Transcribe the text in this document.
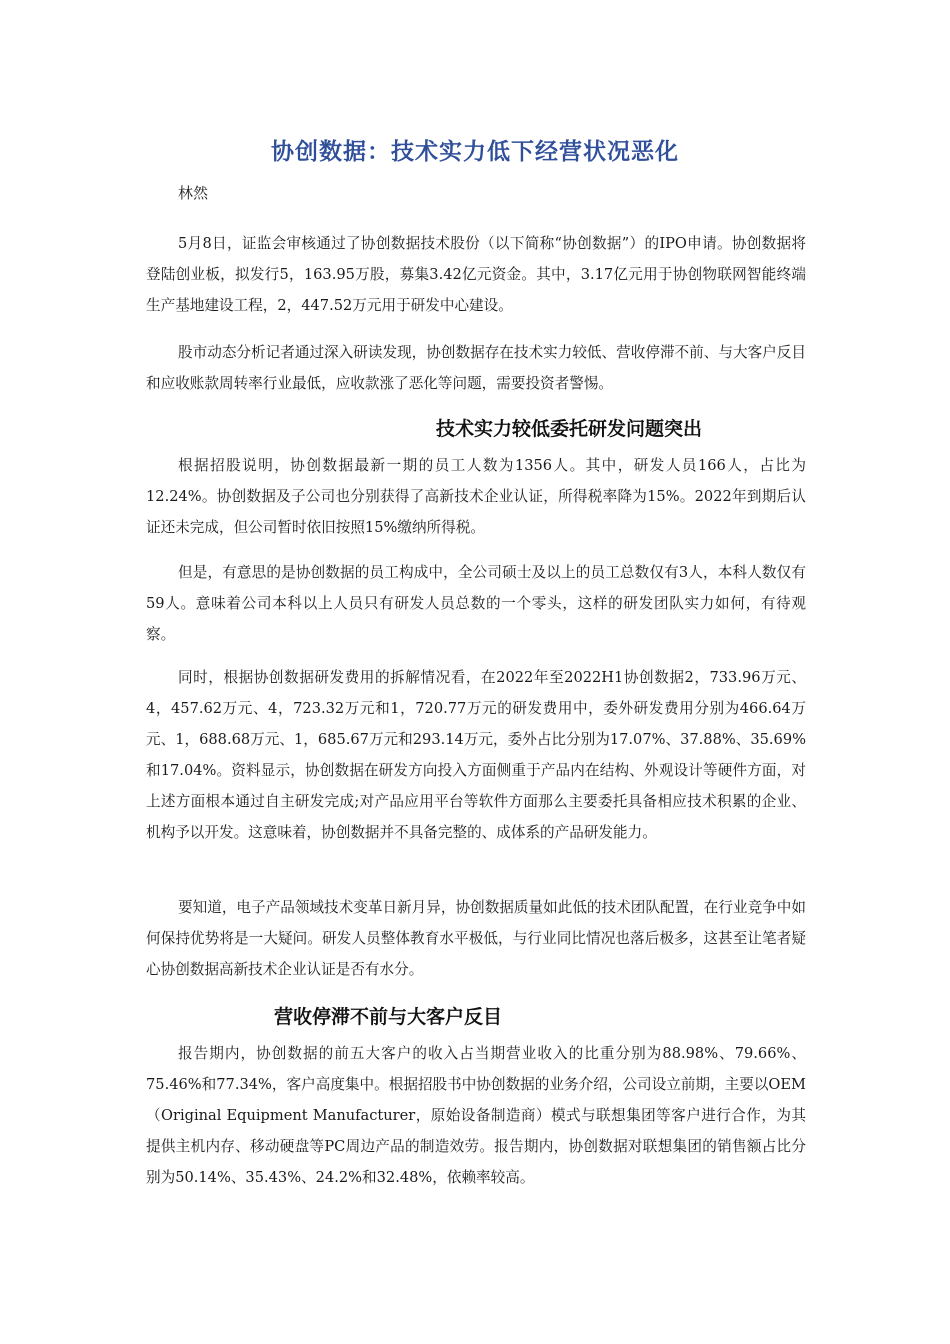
协创数据：技术实力低下经营状况恶化
林然

5月8日，证监会审核通过了协创数据技术股份（以下简称“协创数据”）的IPO申请。协创数据将登陆创业板，拟发行5，163.95万股，募集3.42亿元资金。其中，3.17亿元用于协创物联网智能终端生产基地建设工程，2，447.52万元用于研发中心建设。

股市动态分析记者通过深入研读发现，协创数据存在技术实力较低、营收停滞不前、与大客户反目和应收账款周转率行业最低，应收款涨了恶化等问题，需要投资者警惕。

技术实力较低委托研发问题突出

根据招股说明，协创数据最新一期的员工人数为1356人。其中，研发人员166人，占比为12.24%。协创数据及子公司也分别获得了高新技术企业认证，所得税率降为15%。2022年到期后认证还未完成，但公司暂时依旧按照15%缴纳所得税。

但是，有意思的是协创数据的员工构成中，全公司硕士及以上的员工总数仅有3人，本科人数仅有59人。意味着公司本科以上人员只有研发人员总数的一个零头，这样的研发团队实力如何，有待观察。

同时，根据协创数据研发费用的拆解情况看，在2022年至2022H1协创数据2，733.96万元、4，457.62万元、4，723.32万元和1，720.77万元的研发费用中，委外研发费用分别为466.64万元、1，688.68万元、1，685.67万元和293.14万元，委外占比分别为17.07%、37.88%、35.69%和17.04%。资料显示，协创数据在研发方向投入方面侧重于产品内在结构、外观设计等硬件方面，对上述方面根本通过自主研发完成;对产品应用平台等软件方面那么主要委托具备相应技术积累的企业、机构予以开发。这意味着，协创数据并不具备完整的、成体系的产品研发能力。

要知道，电子产品领域技术变革日新月异，协创数据质量如此低的技术团队配置，在行业竞争中如何保持优势将是一大疑问。研发人员整体教育水平极低，与行业同比情况也落后极多，这甚至让笔者疑心协创数据高新技术企业认证是否有水分。

营收停滞不前与大客户反目

报告期内，协创数据的前五大客户的收入占当期营业收入的比重分别为88.98%、79.66%、75.46%和77.34%，客户高度集中。根据招股书中协创数据的业务介绍，公司设立前期，主要以OEM（Original Equipment Manufacturer，原始设备制造商）模式与联想集团等客户进行合作，为其提供主机内存、移动硬盘等PC周边产品的制造效劳。报告期内，协创数据对联想集团的销售额占比分别为50.14%、35.43%、24.2%和32.48%，依赖率较高。
